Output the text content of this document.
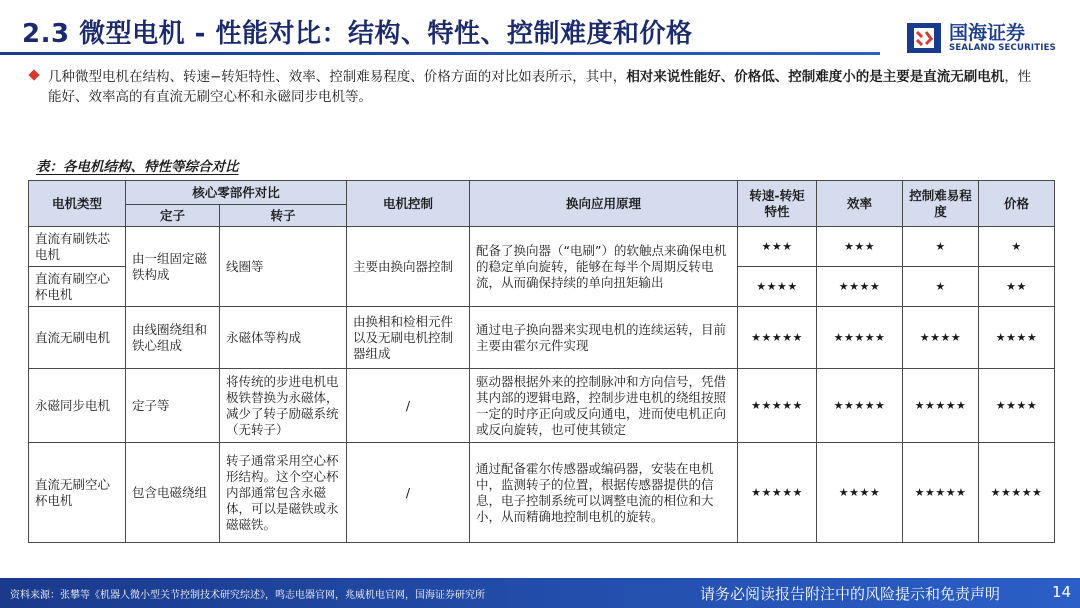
2.3 微型电机 - 性能对比：结构、特性、控制难度和价格	国海证券
SEALAND SECURITIES
几种微型电机在结构、转速−转矩特性、效率、控制难易程度、价格方面的对比如表所示，其中，相对来说性能好、价格低、控制难度小的是主要是直流无刷电机，性能好、效率高的有直流无刷空心杯和永磁同步电机等。
表：各电机结构、特性等综合对比
电机类型	核心零部件对比		电机控制	换向应用原理	转速-转矩特性	效率	控制难易程度	价格
	定子	转子						
直流有刷铁芯电机	由一组固定磁铁构成	线圈等	主要由换向器控制	配备了换向器（“电刷”）的软触点来确保电机的稳定单向旋转，能够在每半个周期反转电流，从而确保持续的单向扭矩输出	★★★	★★★	★	★
直流有刷空心杯电机					★★★★	★★★★	★	★★
直流无刷电机	由线圈绕组和铁心组成	永磁体等构成	由换相和检相元件以及无刷电机控制器组成	通过电子换向器来实现电机的连续运转，目前主要由霍尔元件实现	★★★★★	★★★★★	★★★★	★★★★
永磁同步电机	定子等	将传统的步进电机电极铁替换为永磁体，减少了转子励磁系统（无转子）	/	驱动器根据外来的控制脉冲和方向信号，凭借其内部的逻辑电路，控制步进电机的绕组按照一定的时序正向或反向通电，进而使电机正向或反向旋转，也可使其锁定	★★★★★	★★★★★	★★★★★	★★★★
直流无刷空心杯电机	包含电磁绕组	转子通常采用空心杯形结构。这个空心杯内部通常包含永磁体，可以是磁铁或永磁磁铁。	/	通过配备霍尔传感器或编码器，安装在电机中，监测转子的位置，根据传感器提供的信息，电子控制系统可以调整电流的相位和大小，从而精确地控制电机的旋转。	★★★★★	★★★★	★★★★★	★★★★★
资料来源：张攀等《机器人微小型关节控制技术研究综述》，鸣志电器官网，兆威机电官网，国海证券研究所	请务必阅读报告附注中的风险提示和免责声明	14
